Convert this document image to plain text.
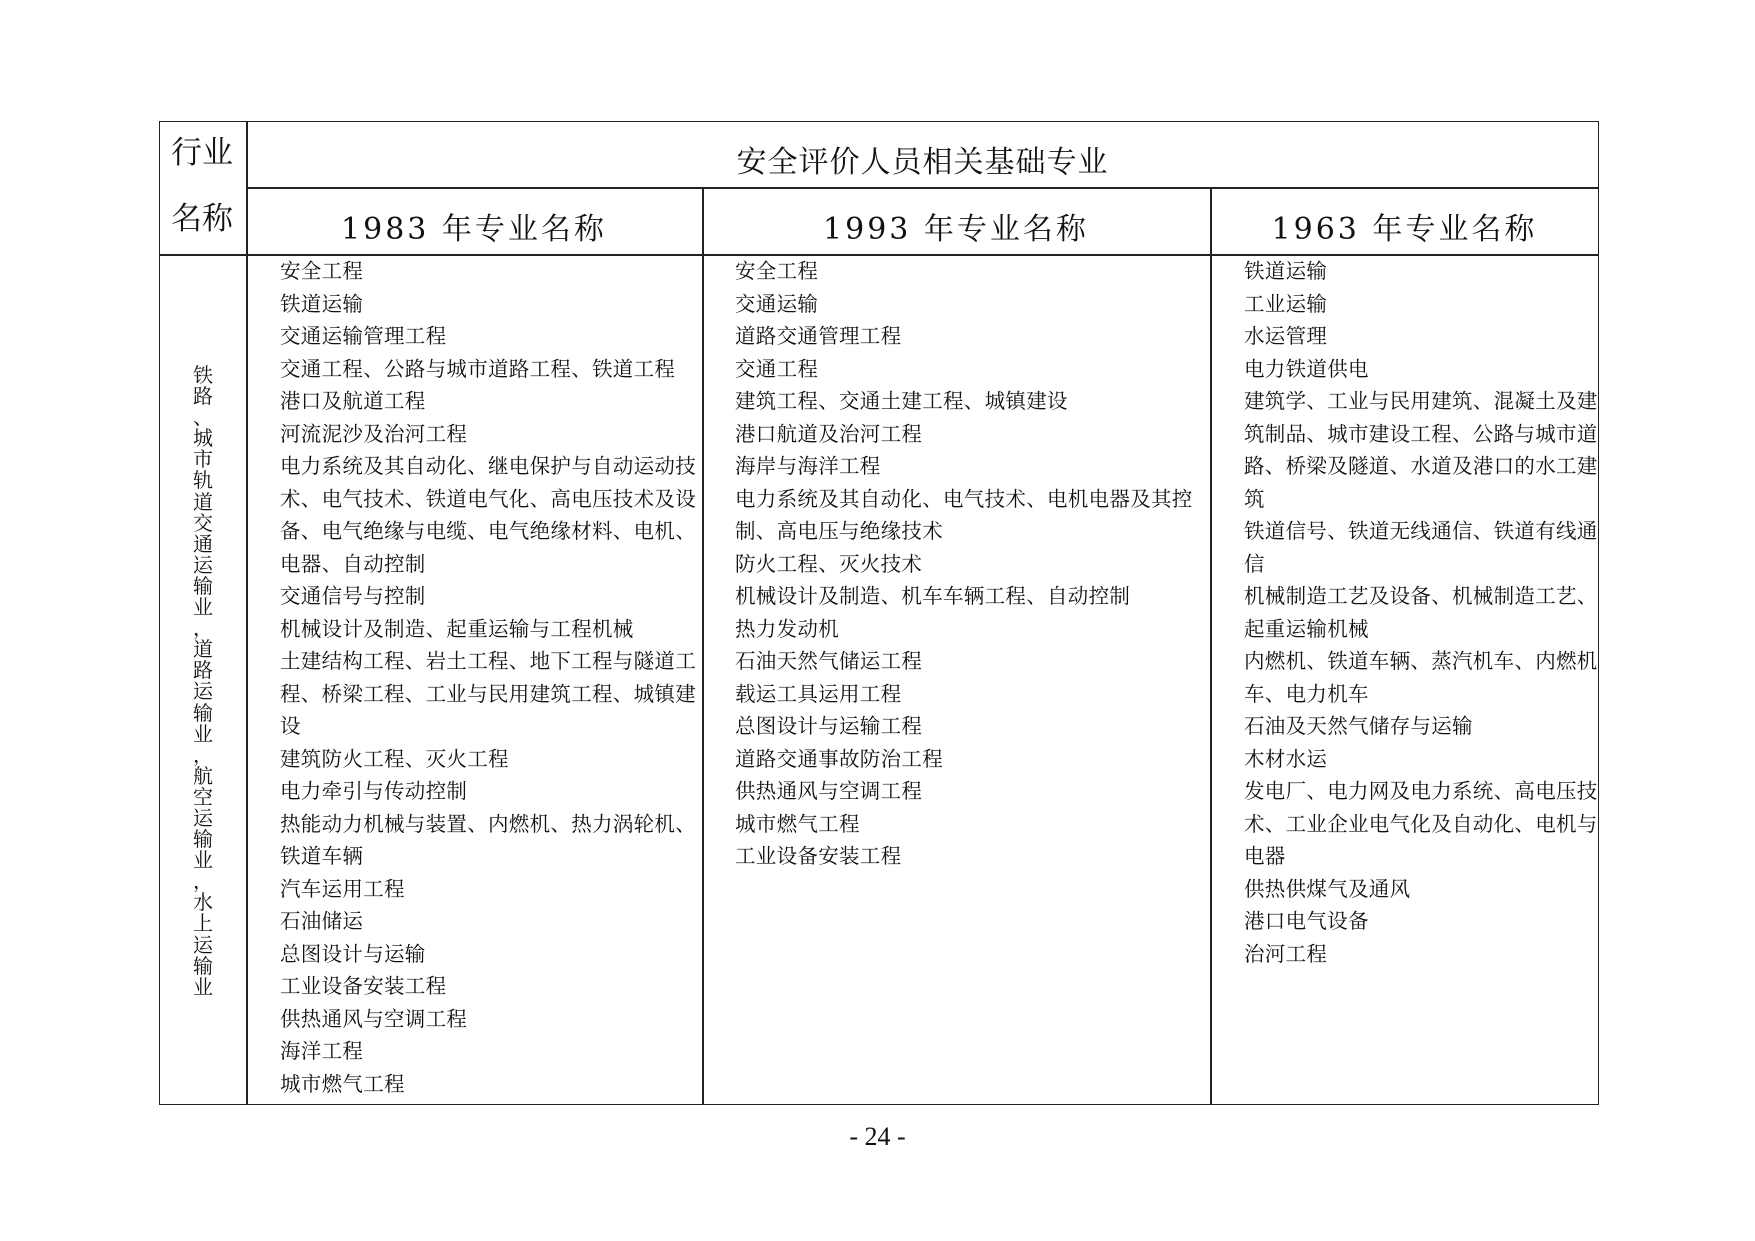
行 业
名 称
安全评价人员相关基础专业
1983 年专业名称	1993 年专业名称	1963 年专业名称
铁
路
、
城
市
轨
道
交
通
运
输
业
，
道
路
运
输
业
，
航
空
运
输
业
，
水
上
运
输
业
安全工程
铁道运输
交通运输管理工程
交通工程、公路与城市道路工程、铁道工程
港口及航道工程
河流泥沙及治河工程
电力系统及其自动化、继电保护与自动运动技
术、电气技术、铁道电气化、高电压技术及设
备、电气绝缘与电缆、电气绝缘材料、电机、
电器、自动控制
交通信号与控制
机械设计及制造、起重运输与工程机械
土建结构工程、岩土工程、地下工程与隧道工
程、桥梁工程、工业与民用建筑工程、城镇建
设
建筑防火工程、灭火工程
电力牵引与传动控制
热能动力机械与装置、内燃机、热力涡轮机、
铁道车辆
汽车运用工程
石油储运
总图设计与运输
工业设备安装工程
供热通风与空调工程
海洋工程
城市燃气工程
安全工程
交通运输
道路交通管理工程
交通工程
建筑工程、交通土建工程、城镇建设
港口航道及治河工程
海岸与海洋工程
电力系统及其自动化、电气技术、电机电器及其控
制、高电压与绝缘技术
防火工程、灭火技术
机械设计及制造、机车车辆工程、自动控制
热力发动机
石油天然气储运工程
载运工具运用工程
总图设计与运输工程
道路交通事故防治工程
供热通风与空调工程
城市燃气工程
工业设备安装工程
铁道运输
工业运输
水运管理
电力铁道供电
建筑学、工业与民用建筑、混凝土及建
筑制品、城市建设工程、公路与城市道
路、桥梁及隧道、水道及港口的水工建
筑
铁道信号、铁道无线通信、铁道有线通
信
机械制造工艺及设备、机械制造工艺、
起重运输机械
内燃机、铁道车辆、蒸汽机车、内燃机
车、电力机车
石油及天然气储存与运输
木材水运
发电厂、电力网及电力系统、高电压技
术、工业企业电气化及自动化、电机与
电器
供热供煤气及通风
港口电气设备
治河工程
- 24 -
